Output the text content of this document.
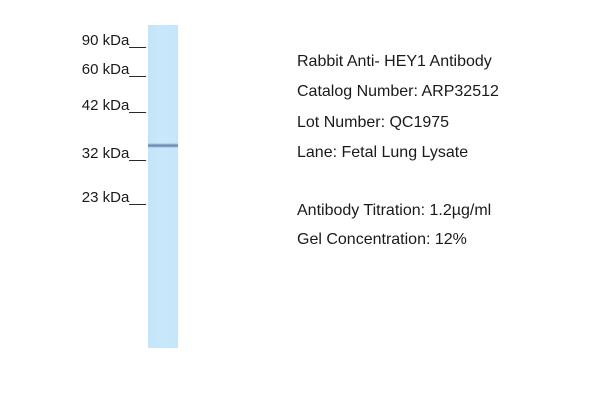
90 kDa__
60 kDa__
42 kDa__
32 kDa__
23 kDa__
Rabbit Anti- HEY1 Antibody
Catalog Number: ARP32512
Lot Number: QC1975
Lane: Fetal Lung Lysate
Antibody Titration: 1.2µg/ml
Gel Concentration: 12%
